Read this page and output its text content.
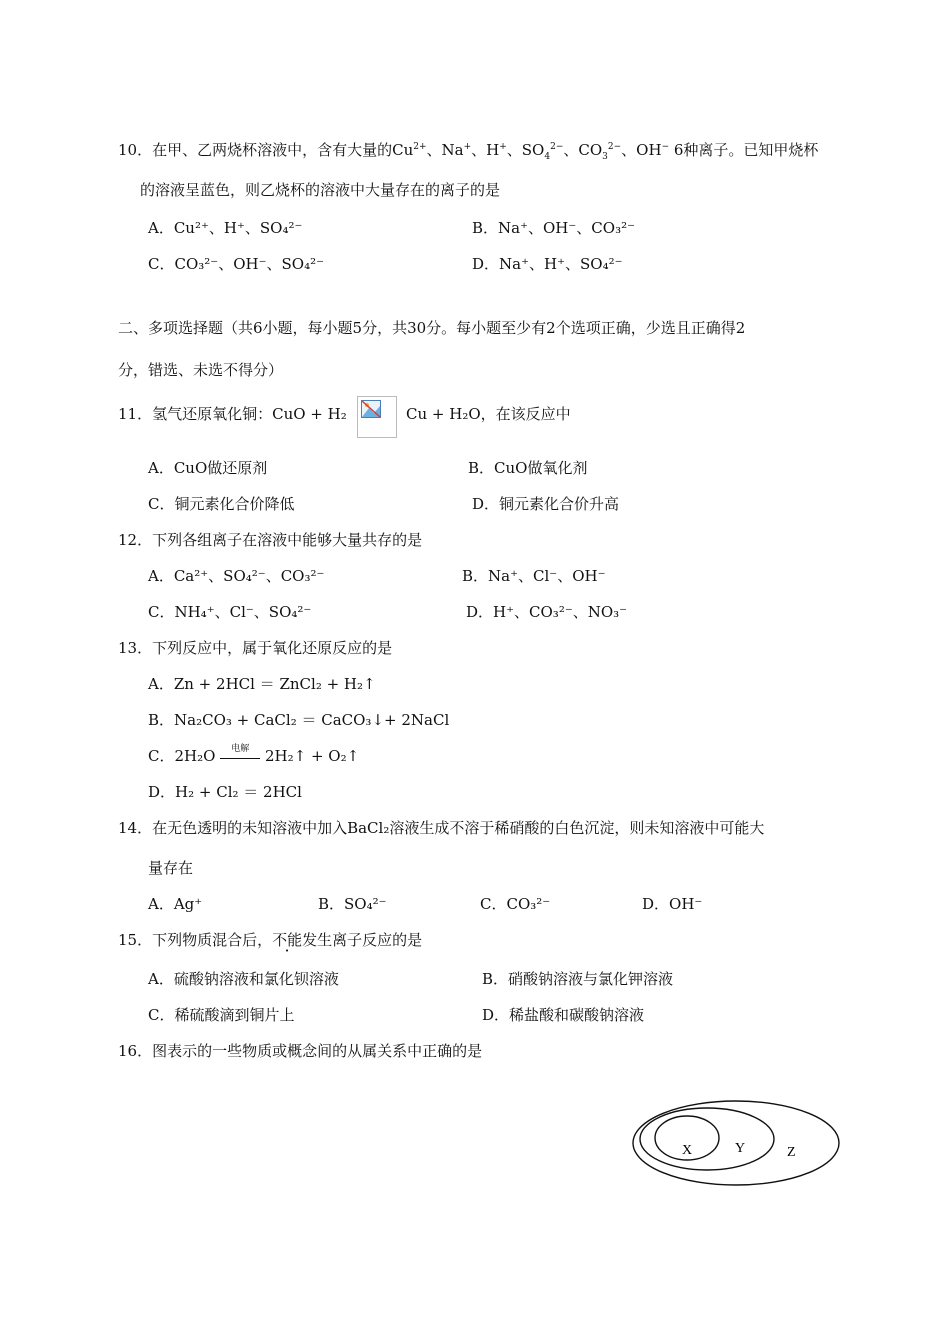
10．在甲、乙两烧杯溶液中，含有大量的$Cu^{2+}$、Na+、H+、$SO_4^{2-}$、$CO_3^{2-}$、OH− 6种离子。已知甲烧杯
的溶液呈蓝色，则乙烧杯的溶液中大量存在的离子的是
A．Cu²⁺、H⁺、SO₄²⁻	B．Na⁺、OH⁻、CO₃²⁻
C．CO₃²⁻、OH⁻、SO₄²⁻	D．Na⁺、H⁺、SO₄²⁻
二、多项选择题（共6小题，每小题5分，共30分。每小题至少有2个选项正确，少选且正确得2
分，错选、未选不得分）
11．氢气还原氧化铜：CuO + H₂	Cu + H₂O，在该反应中
A．CuO做还原剂	B．CuO做氧化剂
C．铜元素化合价降低	D．铜元素化合价升高
12．下列各组离子在溶液中能够大量共存的是
A．Ca²⁺、SO₄²⁻、CO₃²⁻	B．Na⁺、Cl⁻、OH⁻
C．NH₄⁺、Cl⁻、SO₄²⁻	D．H⁺、CO₃²⁻、NO₃⁻
13．下列反应中，属于氧化还原反应的是
A．Zn + 2HCl ＝ ZnCl₂ + H₂↑
B．Na₂CO₃ + CaCl₂ ＝ CaCO₃↓+ 2NaCl
C．2H₂O	电解	2H₂↑ + O₂↑
D．H₂ + Cl₂ ＝ 2HCl
14．在无色透明的未知溶液中加入BaCl₂溶液生成不溶于稀硝酸的白色沉淀，则未知溶液中可能大
量存在
A．Ag⁺	B．SO₄²⁻	C．CO₃²⁻	D．OH⁻
15．下列物质混合后，不能发生离子反应的是
A．硫酸钠溶液和氯化钡溶液	B．硝酸钠溶液与氯化钾溶液
C．稀硫酸滴到铜片上	D．稀盐酸和碳酸钠溶液
16．图表示的一些物质或概念间的从属关系中正确的是
X	Y	Z
